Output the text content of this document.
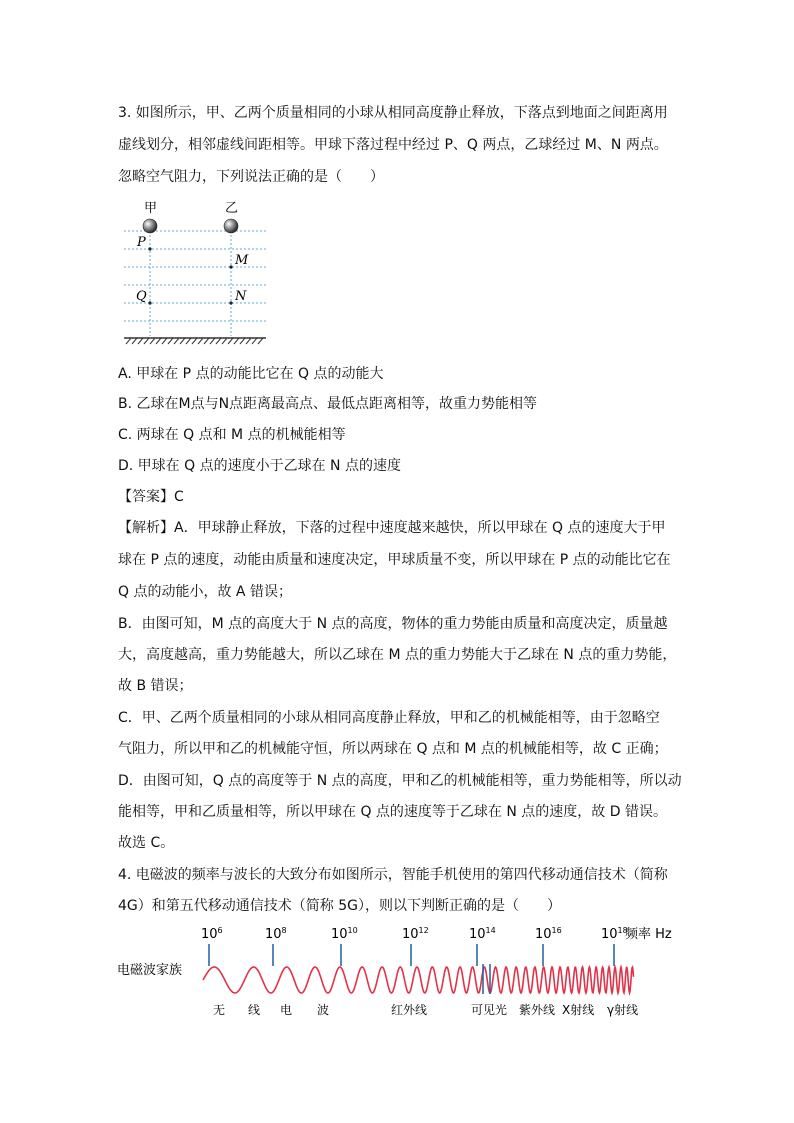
3. 如图所示，甲、乙两个质量相同的小球从相同高度静止释放，下落点到地面之间距离用
虚线划分，相邻虚线间距相等。甲球下落过程中经过 P、Q 两点，乙球经过 M、N 两点。
忽略空气阻力，下列说法正确的是（　　）
甲	乙
P
Q
M
N
A. 甲球在 P 点的动能比它在 Q 点的动能大
B. 乙球在M点与N点距离最高点、最低点距离相等，故重力势能相等
C. 两球在 Q 点和 M 点的机械能相等
D. 甲球在 Q 点的速度小于乙球在 N 点的速度
【答案】C
【解析】A．甲球静止释放，下落的过程中速度越来越快，所以甲球在 Q 点的速度大于甲
球在 P 点的速度，动能由质量和速度决定，甲球质量不变，所以甲球在 P 点的动能比它在
Q 点的动能小，故 A 错误；
B．由图可知，M 点的高度大于 N 点的高度，物体的重力势能由质量和高度决定，质量越
大，高度越高，重力势能越大，所以乙球在 M 点的重力势能大于乙球在 N 点的重力势能，
故 B 错误；
C．甲、乙两个质量相同的小球从相同高度静止释放，甲和乙的机械能相等，由于忽略空
气阻力，所以甲和乙的机械能守恒，所以两球在 Q 点和 M 点的机械能相等，故 C 正确；
D．由图可知，Q 点的高度等于 N 点的高度，甲和乙的机械能相等，重力势能相等，所以动
能相等，甲和乙质量相等，所以甲球在 Q 点的速度等于乙球在 N 点的速度，故 D 错误。
故选 C。
4. 电磁波的频率与波长的大致分布如图所示，智能手机使用的第四代移动通信技术（简称
4G）和第五代移动通信技术（简称 5G），则以下判断正确的是（　　）
电磁波家族
$10^6$	$10^8$	$10^{10}$	$10^{12}$	$10^{14}$	$10^{16}$	$10^{18}$
频率 Hz
无 线 电 波	红外线	可见光 紫外线 X射线 γ射线
